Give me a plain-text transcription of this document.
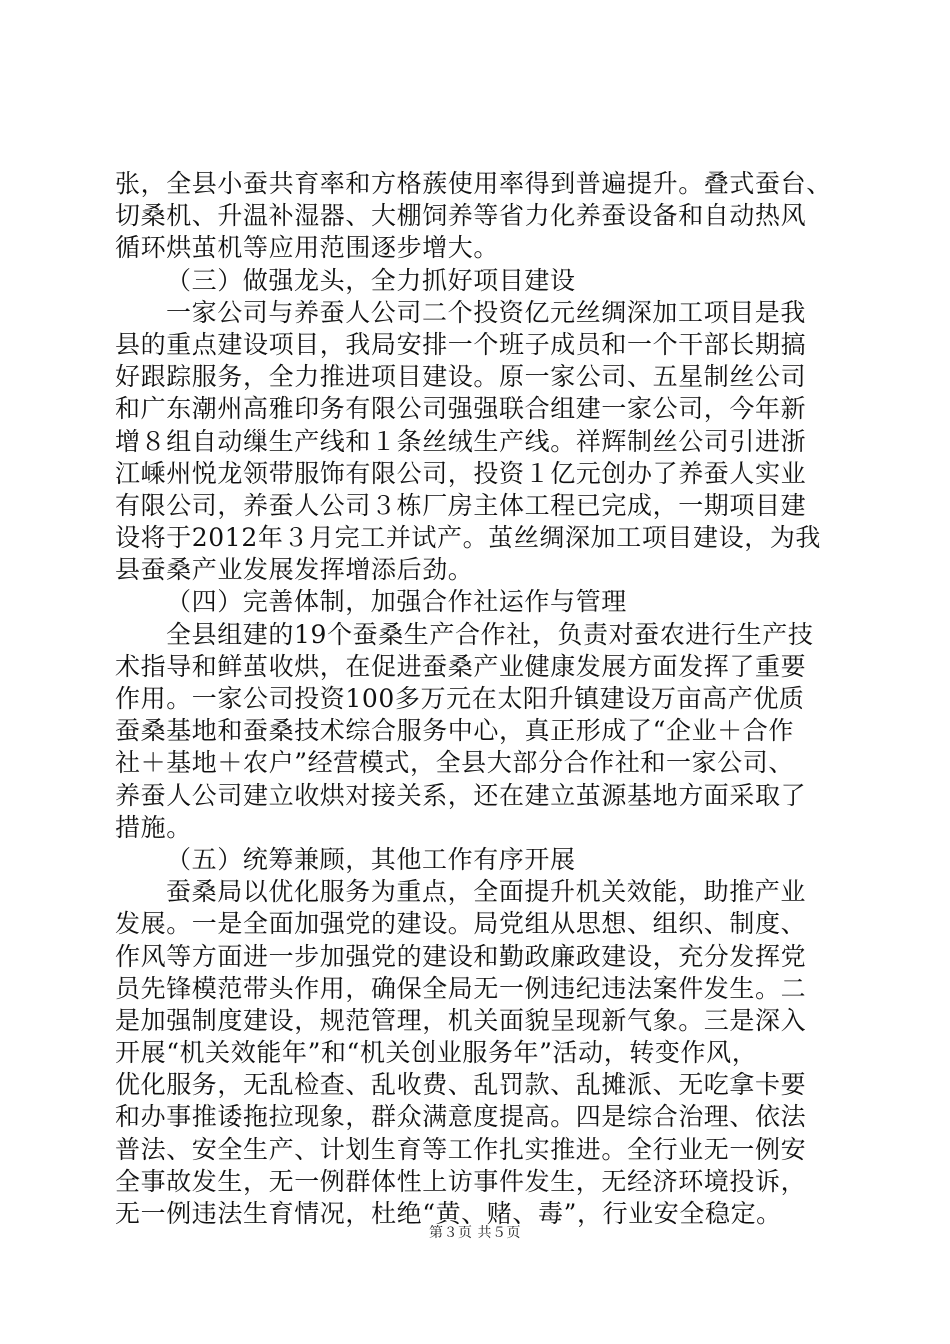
张，全县小蚕共育率和方格蔟使用率得到普遍提升。叠式蚕台、
切桑机、升温补湿器、大棚饲养等省力化养蚕设备和自动热风
循环烘茧机等应用范围逐步增大。
（三）做强龙头，全力抓好项目建设
一家公司与养蚕人公司二个投资亿元丝绸深加工项目是我
县的重点建设项目，我局安排一个班子成员和一个干部长期搞
好跟踪服务，全力推进项目建设。原一家公司、五星制丝公司
和广东潮州高雅印务有限公司强强联合组建一家公司，今年新
增８组自动缫生产线和１条丝绒生产线。祥辉制丝公司引进浙
江嵊州悦龙领带服饰有限公司，投资１亿元创办了养蚕人实业
有限公司，养蚕人公司３栋厂房主体工程已完成，一期项目建
设将于2012年３月完工并试产。茧丝绸深加工项目建设，为我
县蚕桑产业发展发挥增添后劲。
（四）完善体制，加强合作社运作与管理
全县组建的19个蚕桑生产合作社，负责对蚕农进行生产技
术指导和鲜茧收烘，在促进蚕桑产业健康发展方面发挥了重要
作用。一家公司投资100多万元在太阳升镇建设万亩高产优质
蚕桑基地和蚕桑技术综合服务中心，真正形成了“企业＋合作
社＋基地＋农户”经营模式，全县大部分合作社和一家公司、
养蚕人公司建立收烘对接关系，还在建立茧源基地方面采取了
措施。
（五）统筹兼顾，其他工作有序开展
蚕桑局以优化服务为重点，全面提升机关效能，助推产业
发展。一是全面加强党的建设。局党组从思想、组织、制度、
作风等方面进一步加强党的建设和勤政廉政建设，充分发挥党
员先锋模范带头作用，确保全局无一例违纪违法案件发生。二
是加强制度建设，规范管理，机关面貌呈现新气象。三是深入
开展“机关效能年”和“机关创业服务年”活动，转变作风，
优化服务，无乱检查、乱收费、乱罚款、乱摊派、无吃拿卡要
和办事推诿拖拉现象，群众满意度提高。四是综合治理、依法
普法、安全生产、计划生育等工作扎实推进。全行业无一例安
全事故发生，无一例群体性上访事件发生，无经济环境投诉，
无一例违法生育情况，杜绝“黄、赌、毒”，行业安全稳定。
第３页 共５页
